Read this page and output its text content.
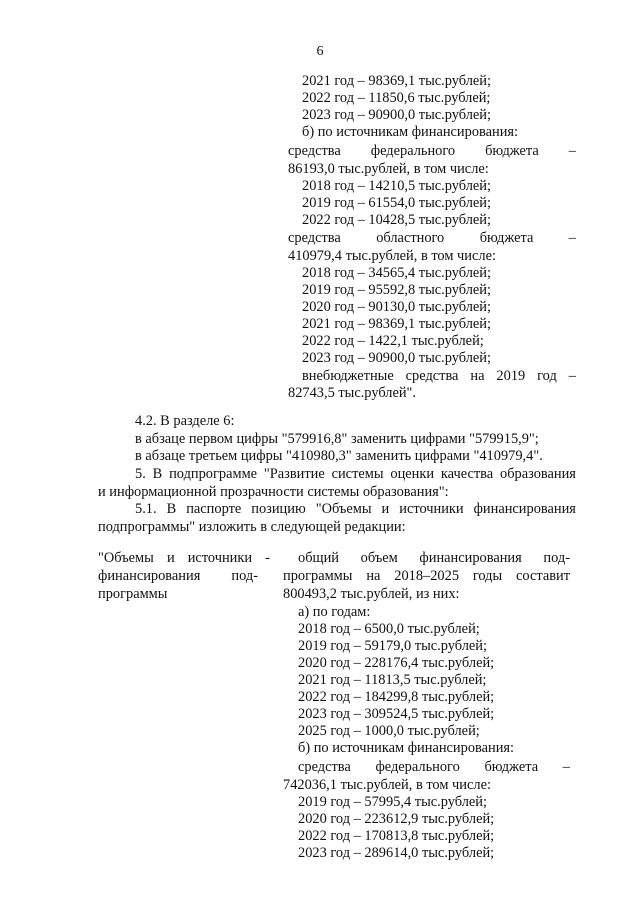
6
2021 год – 98369,1 тыс.рублей;
2022 год – 11850,6 тыс.рублей;
2023 год – 90900,0 тыс.рублей;
б) по источникам финансирования:
средства федерального бюджета –
86193,0 тыс.рублей, в том числе:
2018 год – 14210,5 тыс.рублей;
2019 год – 61554,0 тыс.рублей;
2022 год – 10428,5 тыс.рублей;
средства областного бюджета –
410979,4 тыс.рублей, в том числе:
2018 год – 34565,4 тыс.рублей;
2019 год – 95592,8 тыс.рублей;
2020 год – 90130,0 тыс.рублей;
2021 год – 98369,1 тыс.рублей;
2022 год – 1422,1 тыс.рублей;
2023 год – 90900,0 тыс.рублей;
внебюджетные средства на 2019 год –
82743,5 тыс.рублей".
4.2. В разделе 6:
в абзаце первом цифры "579916,8" заменить цифрами "579915,9";
в абзаце третьем цифры "410980,3" заменить цифрами "410979,4".
5. В подпрограмме "Развитие системы оценки качества образования
и информационной прозрачности системы образования":
5.1. В паспорте позицию "Объемы и источники финансирования
подпрограммы" изложить в следующей редакции:
"Объемы и источники -
финансирования под-
программы
общий объем финансирования под-
программы на 2018–2025 годы составит
800493,2 тыс.рублей, из них:
а) по годам:
2018 год – 6500,0 тыс.рублей;
2019 год – 59179,0 тыс.рублей;
2020 год – 228176,4 тыс.рублей;
2021 год – 11813,5 тыс.рублей;
2022 год – 184299,8 тыс.рублей;
2023 год – 309524,5 тыс.рублей;
2025 год – 1000,0 тыс.рублей;
б) по источникам финансирования:
средства федерального бюджета –
742036,1 тыс.рублей, в том числе:
2019 год – 57995,4 тыс.рублей;
2020 год – 223612,9 тыс.рублей;
2022 год – 170813,8 тыс.рублей;
2023 год – 289614,0 тыс.рублей;
